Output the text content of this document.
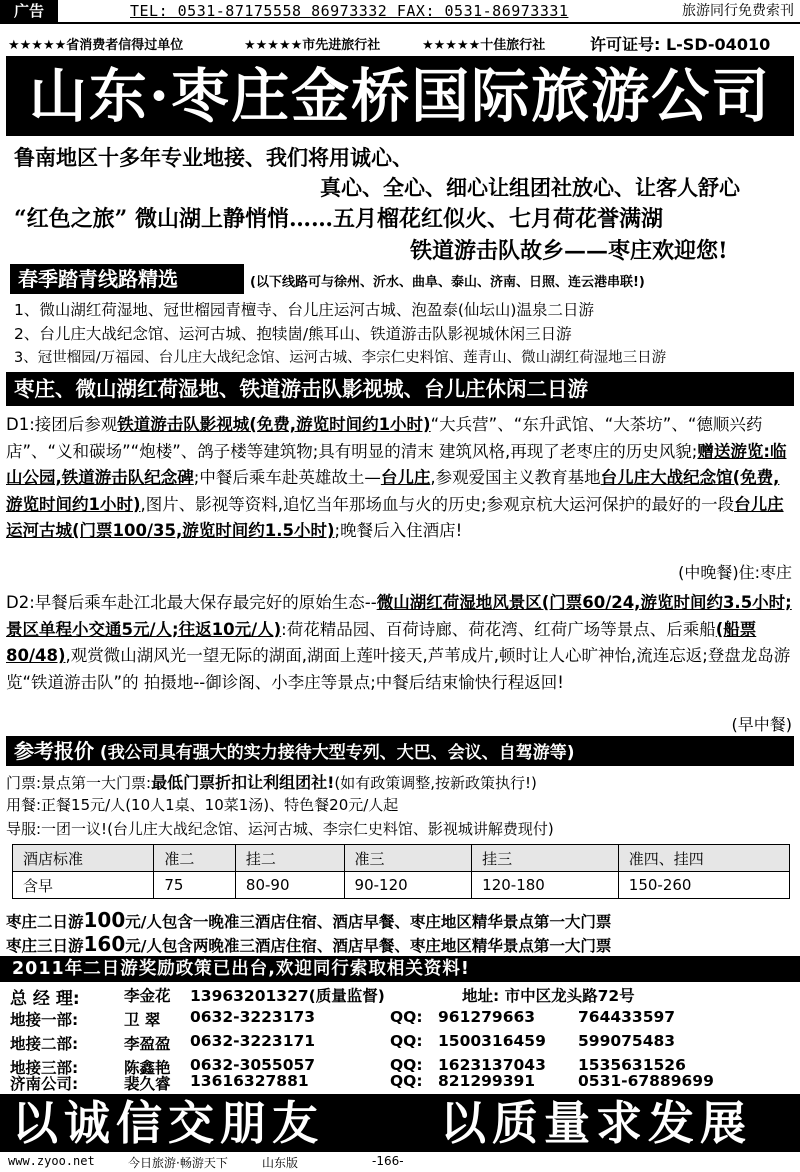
广告	TEL: 0531-87175558 86973332 FAX: 0531-86973331	旅游同行免费索刊
★★★★★省消费者信得过单位	★★★★★市先进旅行社	★★★★★十佳旅行社	许可证号: L-SD-04010
山东·枣庄金桥国际旅游公司
鲁南地区十多年专业地接、我们将用诚心、
真心、全心、细心让组团社放心、让客人舒心
“红色之旅” 微山湖上静悄悄……五月榴花红似火、七月荷花誉满湖
铁道游击队故乡——枣庄欢迎您!
春季踏青线路精选	(以下线路可与徐州、沂水、曲阜、泰山、济南、日照、连云港串联!)
1、微山湖红荷湿地、冠世榴园青檀寺、台儿庄运河古城、泡盈泰(仙坛山)温泉二日游
2、台儿庄大战纪念馆、运河古城、抱犊崮/熊耳山、铁道游击队影视城休闲三日游
3、冠世榴园/万福园、台儿庄大战纪念馆、运河古城、李宗仁史料馆、莲青山、微山湖红荷湿地三日游
枣庄、微山湖红荷湿地、铁道游击队影视城、台儿庄休闲二日游
D1:接团后参观铁道游击队影视城(免费,游览时间约1小时)“大兵营”、“东升武馆、“大茶坊”、“德顺兴药店”、“义和碳场”“炮楼”、鸽子楼等建筑物;具有明显的清末 建筑风格,再现了老枣庄的历史风貌;赠送游览:临山公园,铁道游击队纪念碑;中餐后乘车赴英雄故土—台儿庄,参观爱国主义教育基地台儿庄大战纪念馆(免费,游览时间约1小时),图片、影视等资料,追忆当年那场血与火的历史;参观京杭大运河保护的最好的一段台儿庄运河古城(门票100/35,游览时间约1.5小时);晚餐后入住酒店!
(中晚餐)住:枣庄
D2:早餐后乘车赴江北最大保存最完好的原始生态--微山湖红荷湿地风景区(门票60/24,游览时间约3.5小时;景区单程小交通5元/人;往返10元/人):荷花精品园、百荷诗廊、荷花湾、红荷广场等景点、后乘船(船票80/48),观赏微山湖风光一望无际的湖面,湖面上莲叶接天,芦苇成片,顿时让人心旷神怡,流连忘返;登盘龙岛游览“铁道游击队”的 拍摄地--御诊阁、小李庄等景点;中餐后结束愉快行程返回!
(早中餐)
参考报价 (我公司具有强大的实力接待大型专列、大巴、会议、自驾游等)
门票:景点第一大门票:最低门票折扣让利组团社!(如有政策调整,按新政策执行!)
用餐:正餐15元/人(10人1桌、10菜1汤)、特色餐20元/人起
导服:一团一议!(台儿庄大战纪念馆、运河古城、李宗仁史料馆、影视城讲解费现付)
酒店标准	准二	挂二	准三	挂三	准四、挂四
含早	75	80-90	90-120	120-180	150-260
枣庄二日游100元/人包含一晚准三酒店住宿、酒店早餐、枣庄地区精华景点第一大门票
枣庄三日游160元/人包含两晚准三酒店住宿、酒店早餐、枣庄地区精华景点第一大门票
2011年二日游奖励政策已出台,欢迎同行索取相关资料!
总 经 理:	李金花 13963201327(质量监督)	地址: 市中区龙头路72号
地接一部:	卫 翠 0632-3223173	QQ: 961279663	764433597
地接二部:	李盈盈 0632-3223171	QQ: 1500316459 599075483
地接三部:	陈鑫艳 0632-3055057	QQ: 1623137043 1535631526
济南公司:	裴久睿 13616327881	QQ: 821299391	0531-67889699
以诚信交朋友	以质量求发展
www.zyoo.net	今日旅游·畅游天下	山东版	-166-
